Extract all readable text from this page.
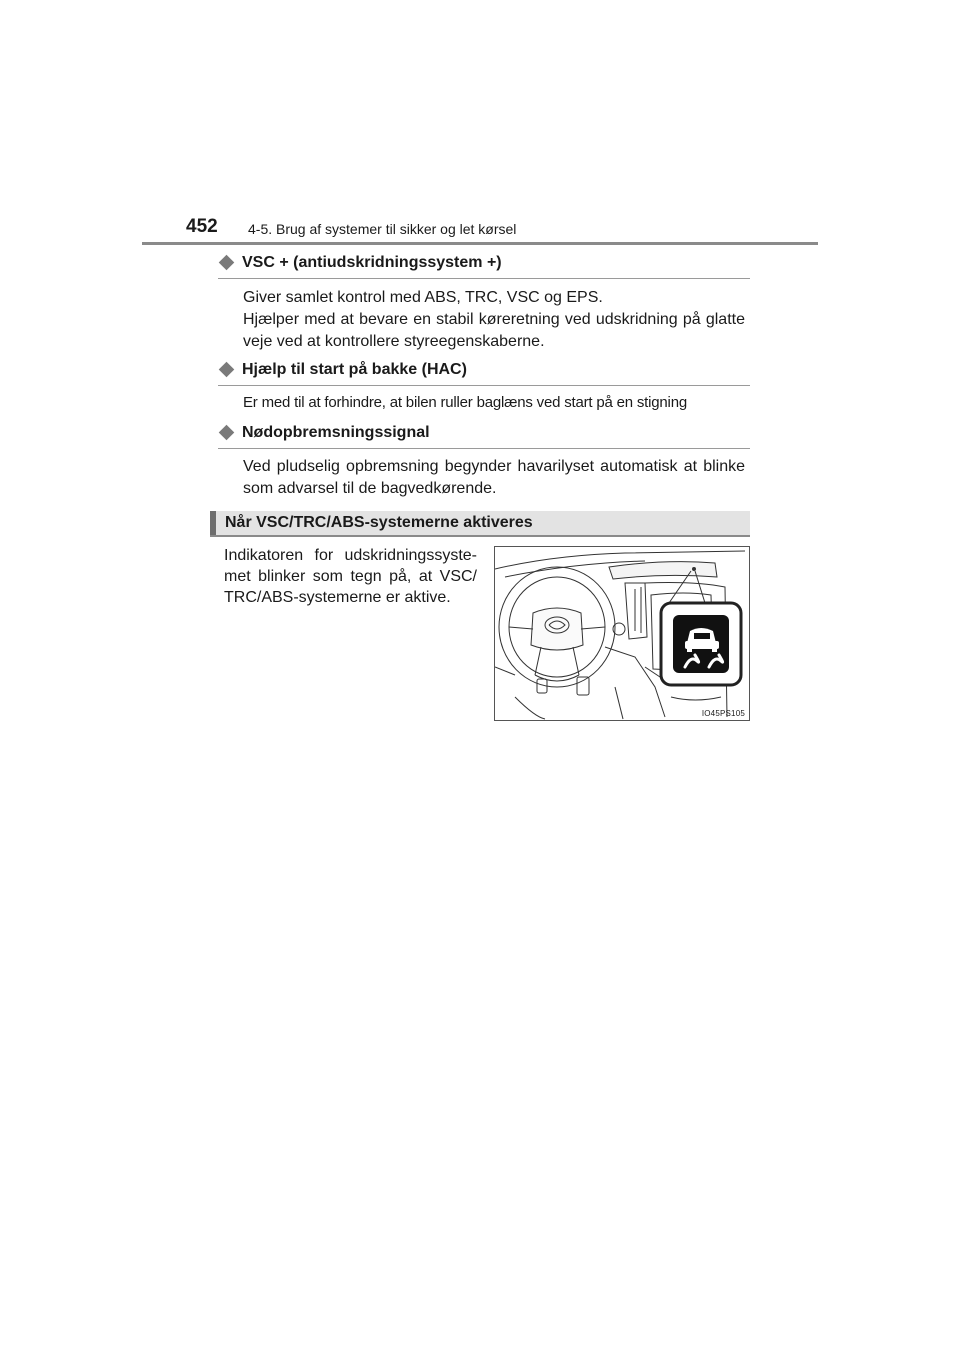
452 4-5. Brug af systemer til sikker og let kørsel
VSC + (antiudskridningssystem +)

Giver samlet kontrol med ABS, TRC, VSC og EPS.

Hjælper med at bevare en stabil køreretning ved udskridning på glatte veje ved at kontrollere styreegenskaberne.

Hjælp til start på bakke (HAC)
Er med til at forhindre, at bilen ruller baglæns ved start på en stigning
Nødopbremsningssignal

Ved pludselig opbremsning begynder havarilyset automatisk at blinke som advarsel til de bagvedkørende.

Når VSC/TRC/ABS-systemerne aktiveres
Indikatoren for udskridningssyste-
met blinker som tegn på, at VSC/
TRC/ABS-systemerne er aktive.
IO45PS105
